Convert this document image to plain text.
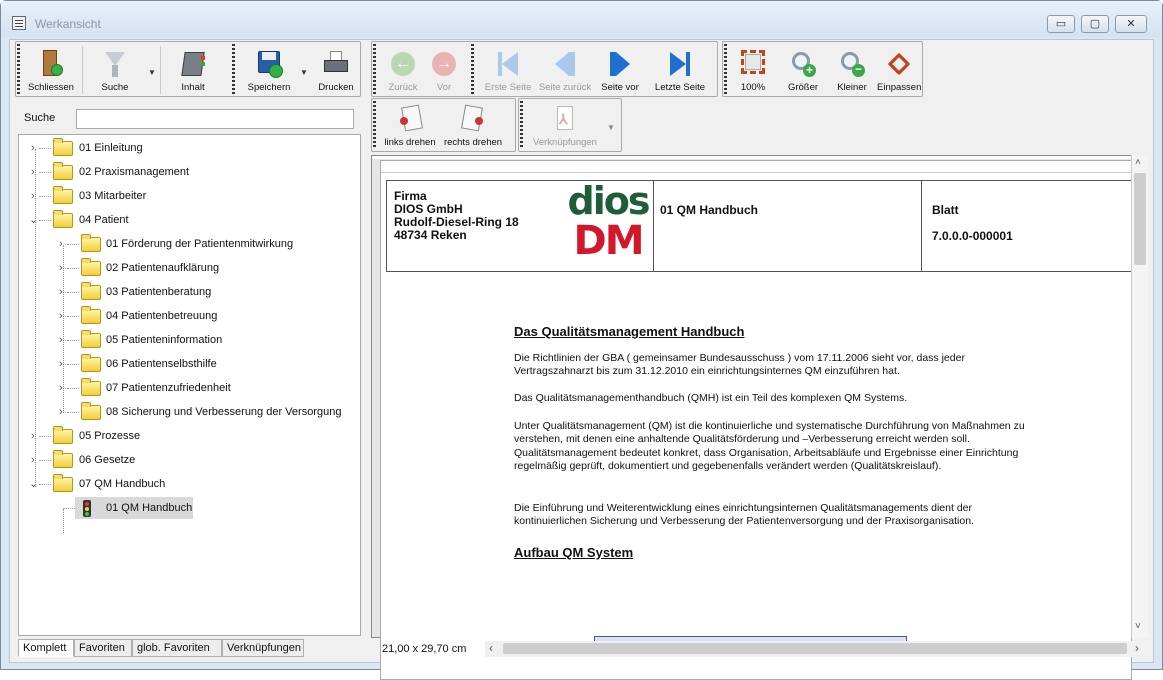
Werkansicht	▭	▢	✕
Schliessen	Suche
▼
Inhalt	Speichern
▼
Drucken
←
Zurück
→
Vor	Erste Seite Seite zurück	Seite vor	Letzte Seite	100%
+
Größer
−
Kleiner	Einpassen
links drehen rechts drehen
⅄
Verknüpfungen
▼
Suche
›	01 Einleitung
›	02 Praxismanagement
›	03 Mitarbeiter
⌄	04 Patient
›	01 Förderung der Patientenmitwirkung
›	02 Patientenaufklärung
›	03 Patientenberatung
›	04 Patientenbetreuung
›	05 Patienteninformation
›	06 Patientenselbsthilfe
›	07 Patientenzufriedenheit
›	08 Sicherung und Verbesserung der Versorgung
›	05 Prozesse
›	06 Gesetze
⌄	07 QM Handbuch
01 QM Handbuch
Komplett	Favoriten	glob. Favoriten	Verknüpfungen
Firma
DIOS GmbH
Rudolf-Diesel-Ring 18
48734 Reken
dios
DM
01 QM Handbuch	Blatt
7.0.0.0-000001
Das Qualitätsmanagement Handbuch
Die Richtlinien der GBA ( gemeinsamer Bundesausschuss ) vom 17.11.2006 sieht vor, dass jeder Vertragszahnarzt bis zum 31.12.2010 ein einrichtungsinternes QM einzuführen hat.
Das Qualitätsmanagementhandbuch (QMH) ist ein Teil des komplexen QM Systems.
Unter Qualitätsmanagement (QM) ist die kontinuierliche und systematische Durchführung von Maßnahmen zu verstehen, mit denen eine anhaltende Qualitätsförderung und –Verbesserung erreicht werden soll. Qualitätsmanagement bedeutet konkret, dass Organisation, Arbeitsabläufe und Ergebnisse einer Einrichtung regelmäßig geprüft, dokumentiert und gegebenenfalls verändert werden (Qualitätskreislauf).
Die Einführung und Weiterentwicklung eines einrichtungsinternen Qualitätsmanagements dient der kontinuierlichen Sicherung und Verbesserung der Patientenversorgung und der Praxisorganisation.
Aufbau QM System
˄
˅
21,00 x 29,70 cm ‹	›
